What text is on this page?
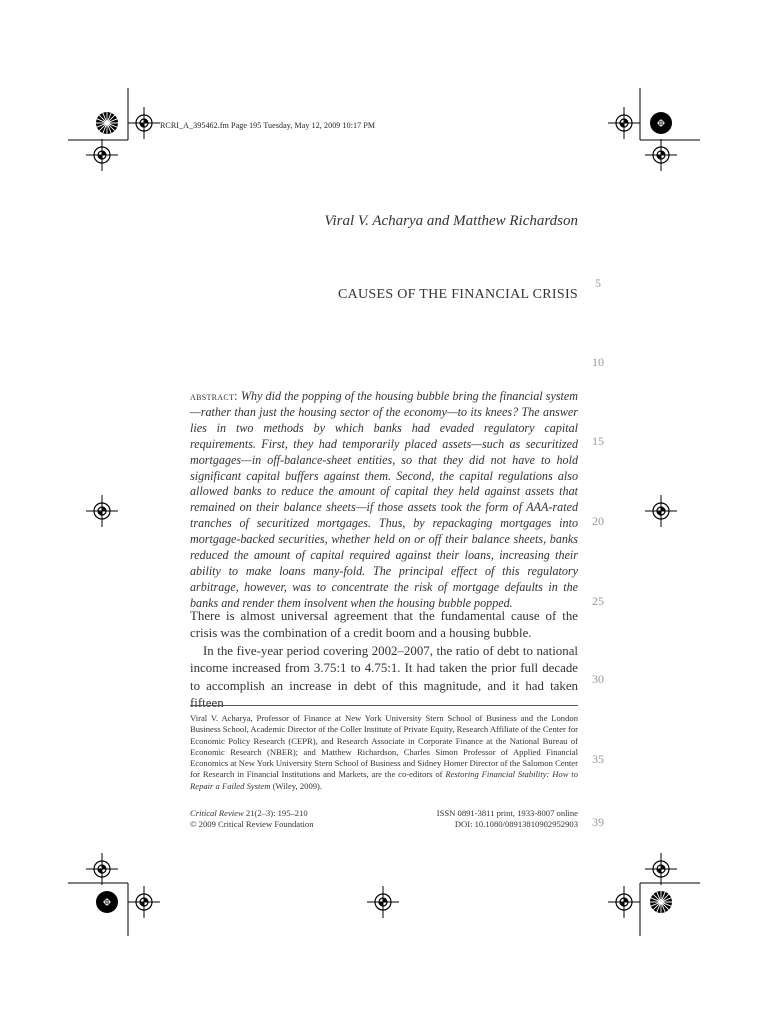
RCRI_A_395462.fm Page 195 Tuesday, May 12, 2009 10:17 PM
Viral V. Acharya and Matthew Richardson
CAUSES OF THE FINANCIAL CRISIS
5
10
15
20
25
30
35
39

abstract: Why did the popping of the housing bubble bring the financial system—rather than just the housing sector of the economy—to its knees? The answer lies in two methods by which banks had evaded regulatory capital requirements. First, they had temporarily placed assets—such as securitized mortgages—in off-balance-sheet entities, so that they did not have to hold significant capital buffers against them. Second, the capital regulations also allowed banks to reduce the amount of capital they held against assets that remained on their balance sheets—if those assets took the form of AAA-rated tranches of securitized mortgages. Thus, by repackaging mortgages into mortgage-backed securities, whether held on or off their balance sheets, banks reduced the amount of capital required against their loans, increasing their ability to make loans many-fold. The principal effect of this regulatory arbitrage, however, was to concentrate the risk of mortgage defaults in the banks and render them insolvent when the housing bubble popped.

There is almost universal agreement that the fundamental cause of the crisis was the combination of a credit boom and a housing bubble.

In the five-year period covering 2002–2007, the ratio of debt to national income increased from 3.75:1 to 4.75:1. It had taken the prior full decade to accomplish an increase in debt of this magnitude, and it had taken fifteen

Viral V. Acharya, Professor of Finance at New York University Stern School of Business and the London Business School, Academic Director of the Coller Institute of Private Equity, Research Affiliate of the Center for Economic Policy Research (CEPR), and Research Associate in Corporate Finance at the National Bureau of Economic Research (NBER); and Matthew Richardson, Charles Simon Professor of Applied Financial Economics at New York University Stern School of Business and Sidney Homer Director of the Salomon Center for Research in Financial Institutions and Markets, are the co-editors of Restoring Financial Stability: How to Repair a Failed System (Wiley, 2009).

Critical Review 21(2–3): 195–210	ISSN 0891-3811 print, 1933-8007 online
© 2009 Critical Review Foundation	DOI: 10.1080/08913810902952903
